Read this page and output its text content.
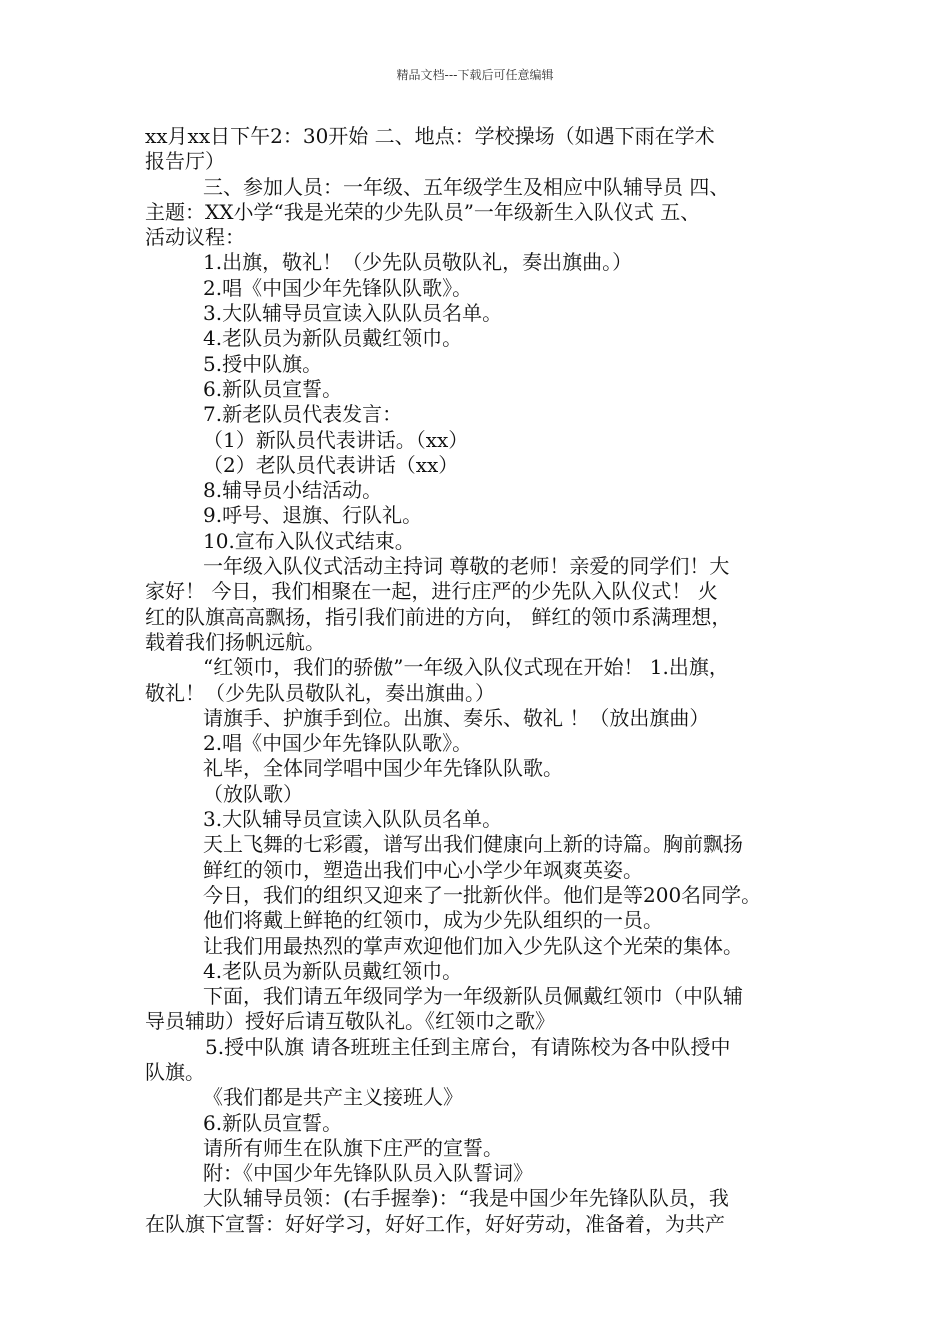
精品文档---下载后可任意编辑
xx月xx日下午2：30开始 二、地点：学校操场（如遇下雨在学术
报告厅）
三、参加人员：一年级、五年级学生及相应中队辅导员 四、
主题：XX小学“我是光荣的少先队员”一年级新生入队仪式 五、
活动议程：
1.出旗，敬礼！（少先队员敬队礼，奏出旗曲。）
2.唱《中国少年先锋队队歌》。
3.大队辅导员宣读入队队员名单。
4.老队员为新队员戴红领巾。
5.授中队旗。
6.新队员宣誓。
7.新老队员代表发言：
（1）新队员代表讲话。（xx）
（2）老队员代表讲话（xx）
8.辅导员小结活动。
9.呼号、退旗、行队礼。
10.宣布入队仪式结束。
一年级入队仪式活动主持词 尊敬的老师！亲爱的同学们！大
家好！ 今日，我们相聚在一起，进行庄严的少先队入队仪式！ 火
红的队旗高高飘扬，指引我们前进的方向， 鲜红的领巾系满理想，
载着我们扬帆远航。
“红领巾，我们的骄傲”一年级入队仪式现在开始！ 1.出旗，
敬礼！（少先队员敬队礼，奏出旗曲。）
请旗手、护旗手到位。出旗、奏乐、敬礼 ！（放出旗曲）
2.唱《中国少年先锋队队歌》。
礼毕，全体同学唱中国少年先锋队队歌。
（放队歌）
3.大队辅导员宣读入队队员名单。
天上飞舞的七彩霞，谱写出我们健康向上新的诗篇。胸前飘扬
鲜红的领巾，塑造出我们中心小学少年飒爽英姿。
今日，我们的组织又迎来了一批新伙伴。他们是等200名同学。
他们将戴上鲜艳的红领巾，成为少先队组织的一员。
让我们用最热烈的掌声欢迎他们加入少先队这个光荣的集体。
4.老队员为新队员戴红领巾。
下面，我们请五年级同学为一年级新队员佩戴红领巾（中队辅
导员辅助）授好后请互敬队礼。《红领巾之歌》
5.授中队旗 请各班班主任到主席台，有请陈校为各中队授中
队旗。
《我们都是共产主义接班人》
6.新队员宣誓。
请所有师生在队旗下庄严的宣誓。
附：《中国少年先锋队队员入队誓词》
大队辅导员领：(右手握拳)：“我是中国少年先锋队队员，我
在队旗下宣誓：好好学习，好好工作，好好劳动，准备着，为共产
